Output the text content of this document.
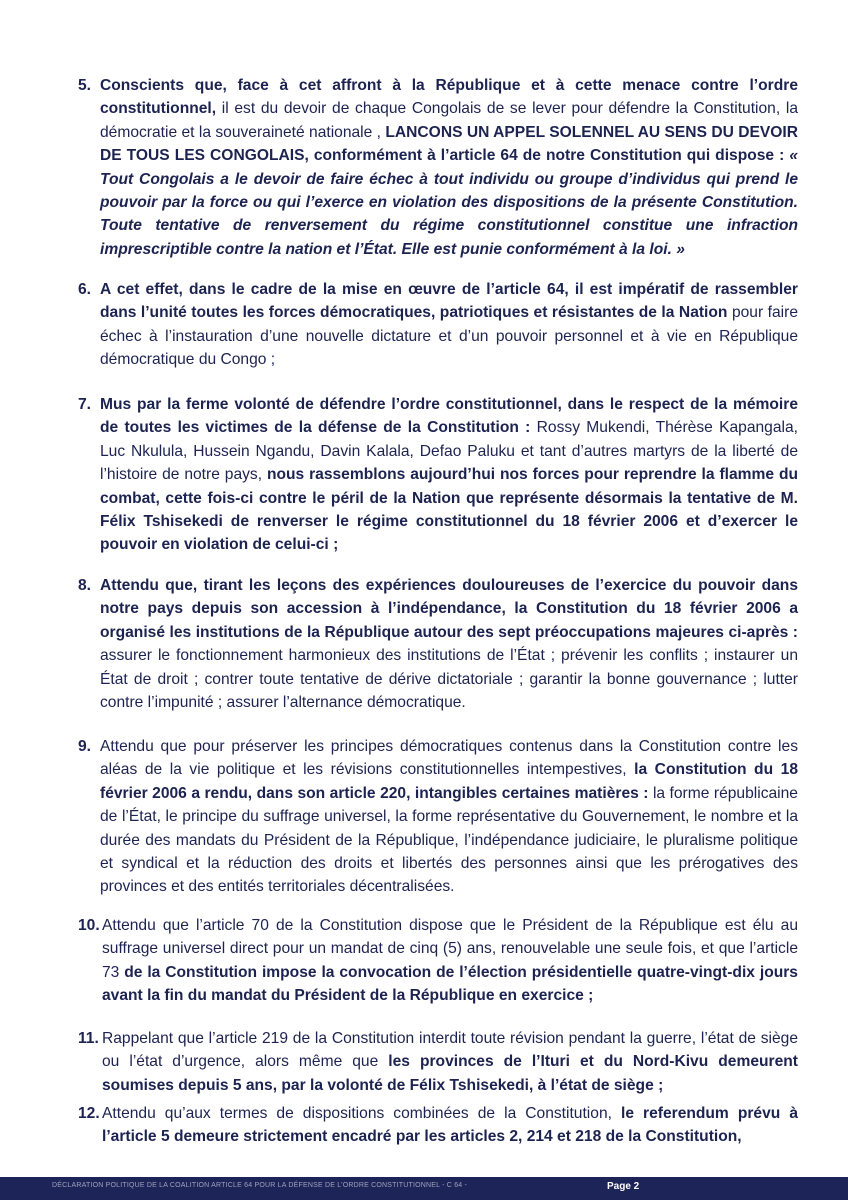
5. Conscients que, face à cet affront à la République et à cette menace contre l’ordre constitutionnel, il est du devoir de chaque Congolais de se lever pour défendre la Constitution, la démocratie et la souveraineté nationale , LANCONS UN APPEL SOLENNEL AU SENS DU DEVOIR DE TOUS LES CONGOLAIS, conformément à l’article 64 de notre Constitution qui dispose : « Tout Congolais a le devoir de faire échec à tout individu ou groupe d’individus qui prend le pouvoir par la force ou qui l’exerce en violation des dispositions de la présente Constitution. Toute tentative de renversement du régime constitutionnel constitue une infraction imprescriptible contre la nation et l’État. Elle est punie conformément à la loi. »
6. A cet effet, dans le cadre de la mise en œuvre de l’article 64, il est impératif de rassembler dans l’unité toutes les forces démocratiques, patriotiques et résistantes de la Nation pour faire échec à l’instauration d’une nouvelle dictature et d’un pouvoir personnel et à vie en République démocratique du Congo ;
7. Mus par la ferme volonté de défendre l’ordre constitutionnel, dans le respect de la mémoire de toutes les victimes de la défense de la Constitution : Rossy Mukendi, Thérèse Kapangala, Luc Nkulula, Hussein Ngandu, Davin Kalala, Defao Paluku et tant d’autres martyrs de la liberté de l’histoire de notre pays, nous rassemblons aujourd’hui nos forces pour reprendre la flamme du combat, cette fois-ci contre le péril de la Nation que représente désormais la tentative de M. Félix Tshisekedi de renverser le régime constitutionnel du 18 février 2006 et d’exercer le pouvoir en violation de celui-ci ;
8. Attendu que, tirant les leçons des expériences douloureuses de l’exercice du pouvoir dans notre pays depuis son accession à l’indépendance, la Constitution du 18 février 2006 a organisé les institutions de la République autour des sept préoccupations majeures ci-après : assurer le fonctionnement harmonieux des institutions de l’État ; prévenir les conflits ; instaurer un État de droit ; contrer toute tentative de dérive dictatoriale ; garantir la bonne gouvernance ; lutter contre l’impunité ; assurer l’alternance démocratique.
9. Attendu que pour préserver les principes démocratiques contenus dans la Constitution contre les aléas de la vie politique et les révisions constitutionnelles intempestives, la Constitution du 18 février 2006 a rendu, dans son article 220, intangibles certaines matières : la forme républicaine de l’État, le principe du suffrage universel, la forme représentative du Gouvernement, le nombre et la durée des mandats du Président de la République, l’indépendance judiciaire, le pluralisme politique et syndical et la réduction des droits et libertés des personnes ainsi que les prérogatives des provinces et des entités territoriales décentralisées.
10. Attendu que l’article 70 de la Constitution dispose que le Président de la République est élu au suffrage universel direct pour un mandat de cinq (5) ans, renouvelable une seule fois, et que l’article 73 de la Constitution impose la convocation de l’élection présidentielle quatre-vingt-dix jours avant la fin du mandat du Président de la République en exercice ;
11. Rappelant que l’article 219 de la Constitution interdit toute révision pendant la guerre, l’état de siège ou l’état d’urgence, alors même que les provinces de l’Ituri et du Nord-Kivu demeurent soumises depuis 5 ans, par la volonté de Félix Tshisekedi, à l’état de siège ;
12. Attendu qu’aux termes de dispositions combinées de la Constitution, le referendum prévu à l’article 5 demeure strictement encadré par les articles 2, 214 et 218 de la Constitution,
DÉCLARATION POLITIQUE DE LA COALITION ARTICLE 64 POUR LA DÉFENSE DE L’ORDRE CONSTITUTIONNEL - C 64 -	Page 2
